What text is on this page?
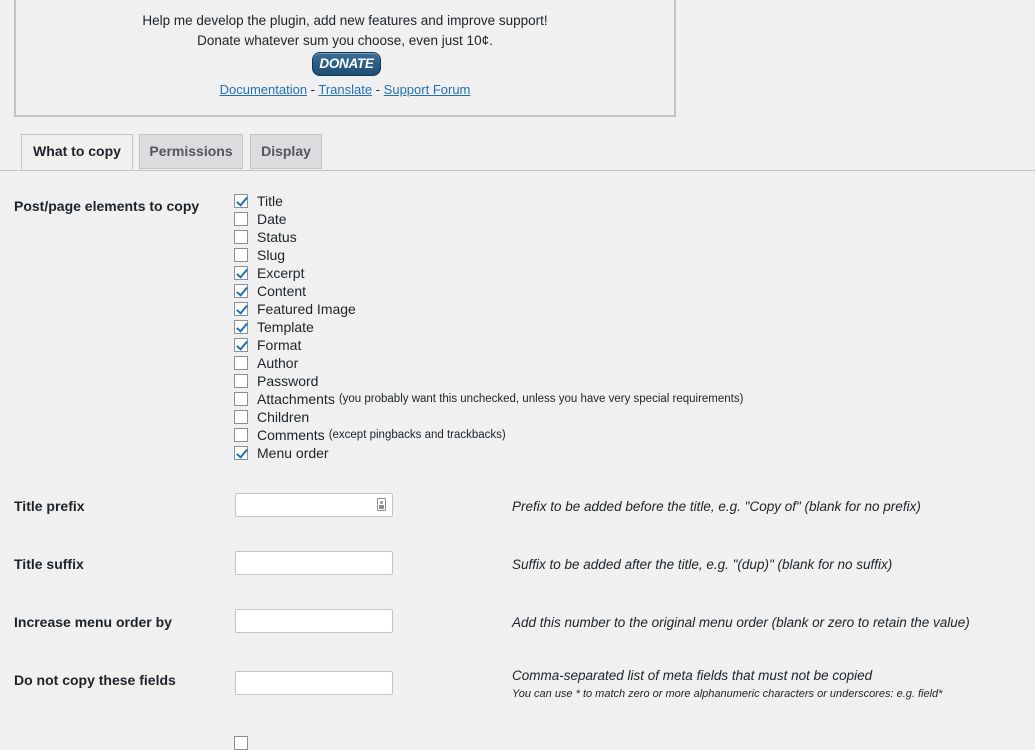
Help me develop the plugin, add new features and improve support!
Donate whatever sum you choose, even just 10¢.
DONATE
Documentation - Translate - Support Forum
What to copy	Permissions	Display
Post/page elements to copy	Title
Date
Status
Slug
Excerpt
Content
Featured Image
Template
Format
Author
Password
Attachments (you probably want this unchecked, unless you have very special requirements)
Children
Comments (except pingbacks and trackbacks)
Menu order
Title prefix	Prefix to be added before the title, e.g. "Copy of" (blank for no prefix)
Title suffix	Suffix to be added after the title, e.g. "(dup)" (blank for no suffix)
Increase menu order by	Add this number to the original menu order (blank or zero to retain the value)
Do not copy these fields	Comma-separated list of meta fields that must not be copied
You can use * to match zero or more alphanumeric characters or underscores: e.g. field*
